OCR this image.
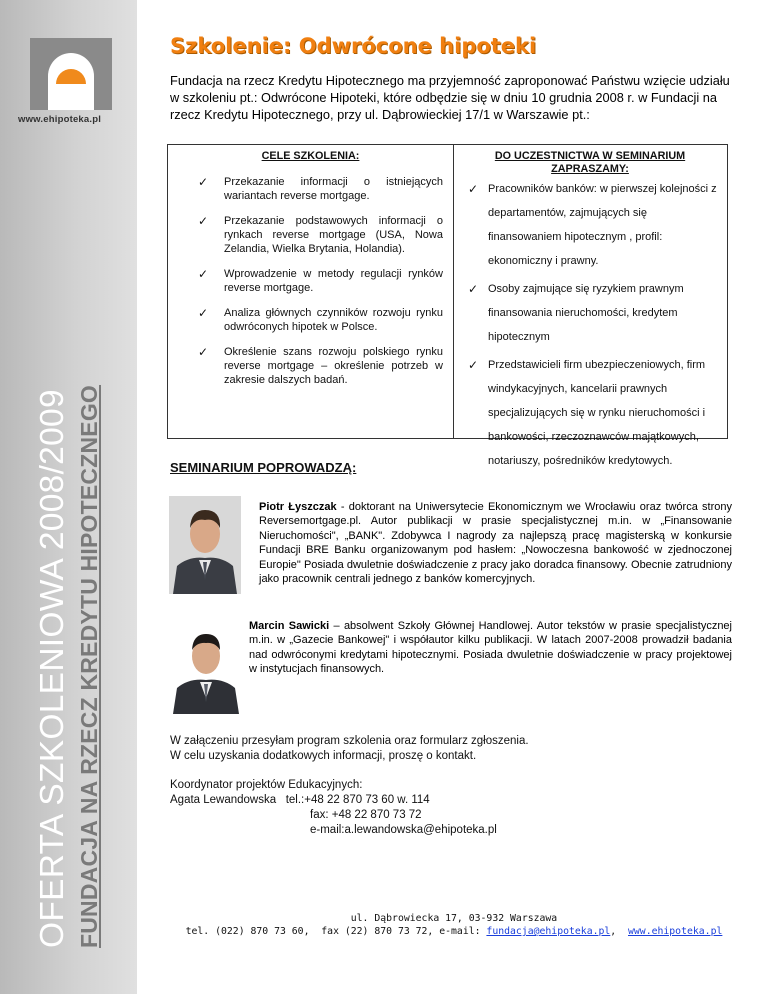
www.ehipoteka.pl
OFERTA SZKOLENIOWA 2008/2009 FUNDACJA NA RZECZ KREDYTU HIPOTECZNEGO
Szkolenie: Odwrócone hipoteki
Fundacja na rzecz Kredytu Hipotecznego ma przyjemność zaproponować Państwu wzięcie udziału w szkoleniu pt.: Odwrócone Hipoteki, które odbędzie się w dniu 10 grudnia 2008 r. w Fundacji na rzecz Kredytu Hipotecznego, przy ul. Dąbrowieckiej 17/1 w Warszawie pt.:
CELE SZKOLENIA:	DO UCZESTNICTWA W SEMINARIUM
ZAPRASZAMY:
✓ Przekazanie informacji o istniejących wariantach reverse mortgage.
✓ Przekazanie podstawowych informacji o rynkach reverse mortgage (USA, Nowa Zelandia, Wielka Brytania, Holandia).
✓ Wprowadzenie w metody regulacji rynków reverse mortgage.
✓ Analiza głównych czynników rozwoju rynku odwróconych hipotek w Polsce.
✓ Określenie szans rozwoju polskiego rynku reverse mortgage – określenie potrzeb w zakresie dalszych badań.
✓ Pracowników banków: w pierwszej kolejności z departamentów, zajmujących się finansowaniem hipotecznym , profil: ekonomiczny i prawny.
✓ Osoby zajmujące się ryzykiem prawnym finansowania nieruchomości, kredytem hipotecznym
✓ Przedstawicieli firm ubezpieczeniowych, firm windykacyjnych, kancelarii prawnych specjalizujących się w rynku nieruchomości i bankowości, rzeczoznawców majątkowych, notariuszy, pośredników kredytowych.
SEMINARIUM POPROWADZĄ:
Piotr Łyszczak - doktorant na Uniwersytecie Ekonomicznym we Wrocławiu oraz twórca strony Reversemortgage.pl. Autor publikacji w prasie specjalistycznej m.in. w „Finansowanie Nieruchomości", „BANK". Zdobywca I nagrody za najlepszą pracę magisterską w konkursie Fundacji BRE Banku organizowanym pod hasłem: „Nowoczesna bankowość w zjednoczonej Europie" Posiada dwuletnie doświadczenie z pracy jako doradca finansowy. Obecnie zatrudniony jako pracownik centrali jednego z banków komercyjnych.
Marcin Sawicki – absolwent Szkoły Głównej Handlowej. Autor tekstów w prasie specjalistycznej m.in. w „Gazecie Bankowej" i współautor kilku publikacji. W latach 2007-2008 prowadził badania nad odwróconymi kredytami hipotecznymi. Posiada dwuletnie doświadczenie w pracy projektowej w instytucjach finansowych.
W załączeniu przesyłam program szkolenia oraz formularz zgłoszenia.
W celu uzyskania dodatkowych informacji, proszę o kontakt.
Koordynator projektów Edukacyjnych:
Agata Lewandowska   tel.:+48 22 870 73 60 w. 114
fax: +48 22 870 73 72
e-mail:a.lewandowska@ehipoteka.pl
ul. Dąbrowiecka 17, 03-932 Warszawa
tel. (022) 870 73 60,  fax (22) 870 73 72, e-mail: fundacja@ehipoteka.pl,  www.ehipoteka.pl
